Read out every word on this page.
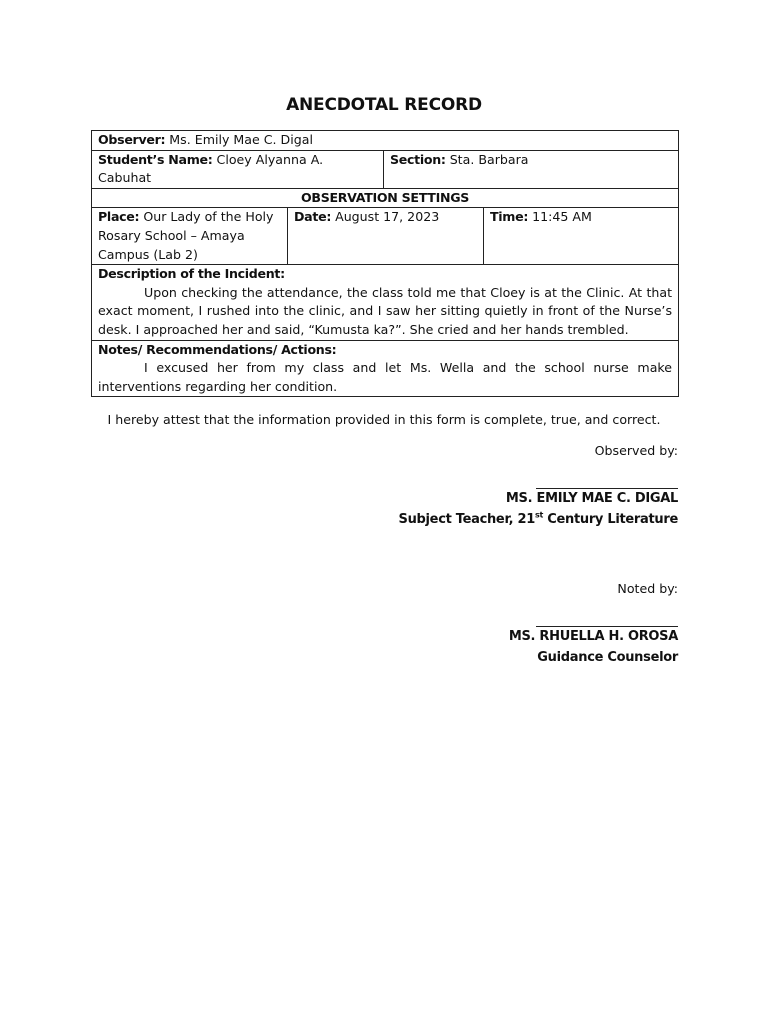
ANECDOTAL RECORD
Observer: Ms. Emily Mae C. Digal			
Student’s Name: Cloey Alyanna A. Cabuhat		Section: Sta. Barbara	
OBSERVATION SETTINGS			
Place: Our Lady of the Holy Rosary School – Amaya Campus (Lab 2)	Date: August 17, 2023		Time: 11:45 AM

Description of the Incident:

Upon checking the attendance, the class told me that Cloey is at the Clinic. At that exact moment, I rushed into the clinic, and I saw her sitting quietly in front of the Nurse’s desk. I approached her and said, “Kumusta ka?”. She cried and her hands trembled.			

Notes/ Recommendations/ Actions:

I excused her from my class and let Ms. Wella and the school nurse make interventions regarding her condition.			

I hereby attest that the information provided in this form is complete, true, and correct.
Observed by:
MS. EMILY MAE C. DIGAL
Subject Teacher, 21st Century Literature
Noted by:
MS. RHUELLA H. OROSA
Guidance Counselor
